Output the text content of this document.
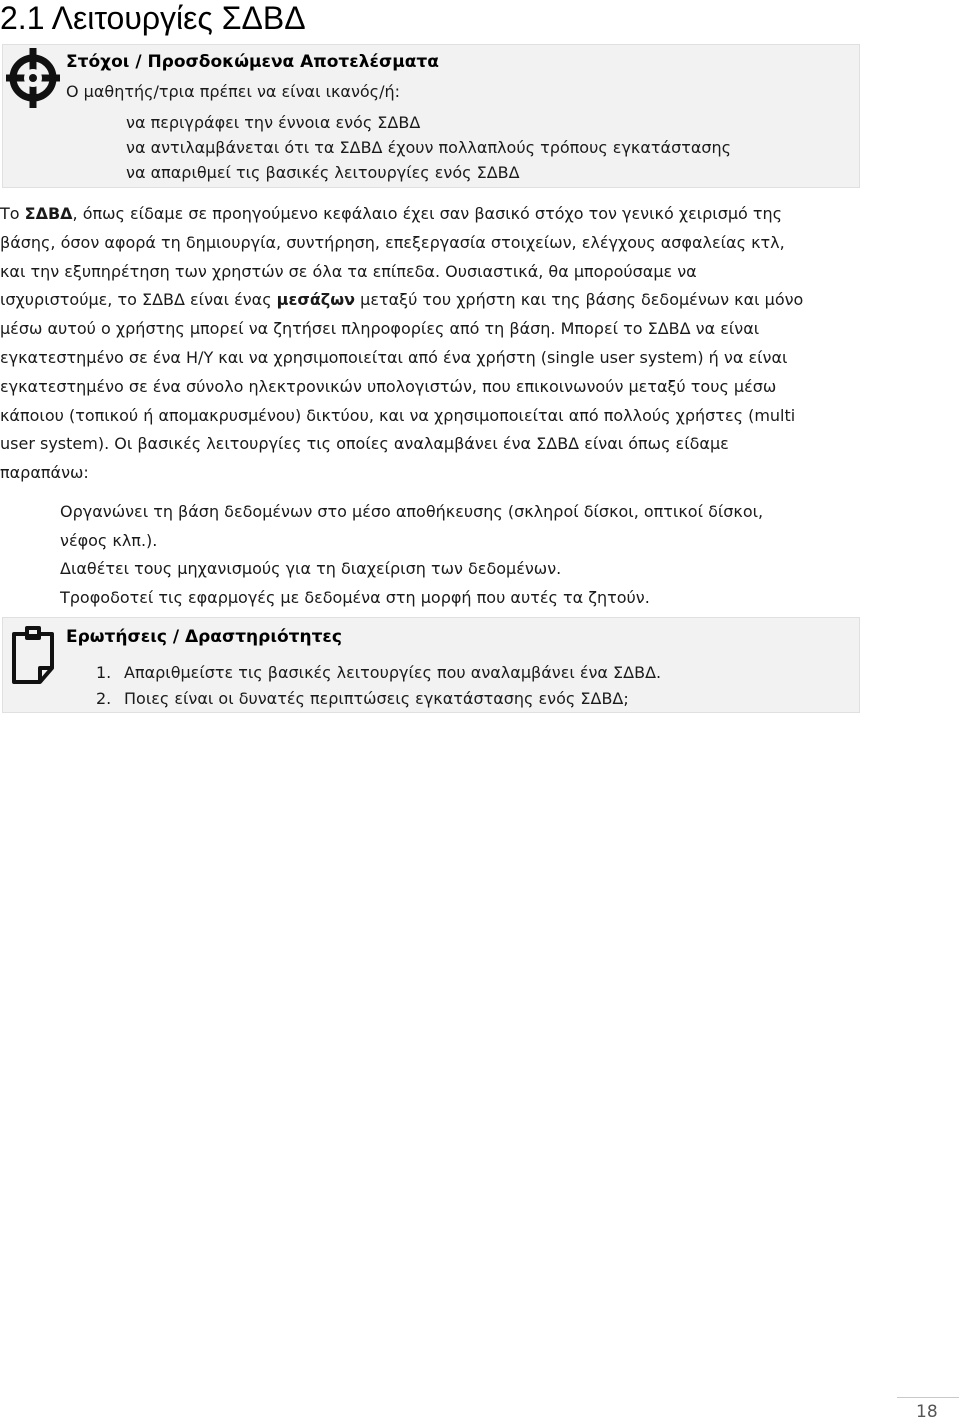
2.1 Λειτουργίες ΣΔΒΔ
Στόχοι / Προσδοκώμενα Αποτελέσματα
Ο μαθητής/τρια πρέπει να είναι ικανός/ή:
να περιγράφει την έννοια ενός ΣΔΒΔ
να αντιλαμβάνεται ότι τα ΣΔΒΔ έχουν πολλαπλούς τρόπους εγκατάστασης
να απαριθμεί τις βασικές λειτουργίες ενός ΣΔΒΔ

Το ΣΔΒΔ, όπως είδαμε σε προηγούμενο κεφάλαιο έχει σαν βασικό στόχο τον γενικό χειρισμό της
βάσης, όσον αφορά τη δημιουργία, συντήρηση, επεξεργασία στοιχείων, ελέγχους ασφαλείας κτλ,
και την εξυπηρέτηση των χρηστών σε όλα τα επίπεδα. Ουσιαστικά, θα μπορούσαμε να
ισχυριστούμε, το ΣΔΒΔ είναι ένας μεσάζων μεταξύ του χρήστη και της βάσης δεδομένων και μόνο
μέσω αυτού ο χρήστης μπορεί να ζητήσει πληροφορίες από τη βάση. Μπορεί το ΣΔΒΔ να είναι
εγκατεστημένο σε ένα Η/Υ και να χρησιμοποιείται από ένα χρήστη (single user system) ή να είναι
εγκατεστημένο σε ένα σύνολο ηλεκτρονικών υπολογιστών, που επικοινωνούν μεταξύ τους μέσω
κάποιου (τοπικού ή απομακρυσμένου) δικτύου, και να χρησιμοποιείται από πολλούς χρήστες (multi
user system). Οι βασικές λειτουργίες τις οποίες αναλαμβάνει ένα ΣΔΒΔ είναι όπως είδαμε
παραπάνω:

Οργανώνει τη βάση δεδομένων στο μέσο αποθήκευσης (σκληροί δίσκοι, οπτικοί δίσκοι,
νέφος κλπ.).
Διαθέτει τους μηχανισμούς για τη διαχείριση των δεδομένων.
Τροφοδοτεί τις εφαρμογές με δεδομένα στη μορφή που αυτές τα ζητούν.
Ερωτήσεις / Δραστηριότητες
1. Απαριθμείστε τις βασικές λειτουργίες που αναλαμβάνει ένα ΣΔΒΔ.
2. Ποιες είναι οι δυνατές περιπτώσεις εγκατάστασης ενός ΣΔΒΔ;
18
